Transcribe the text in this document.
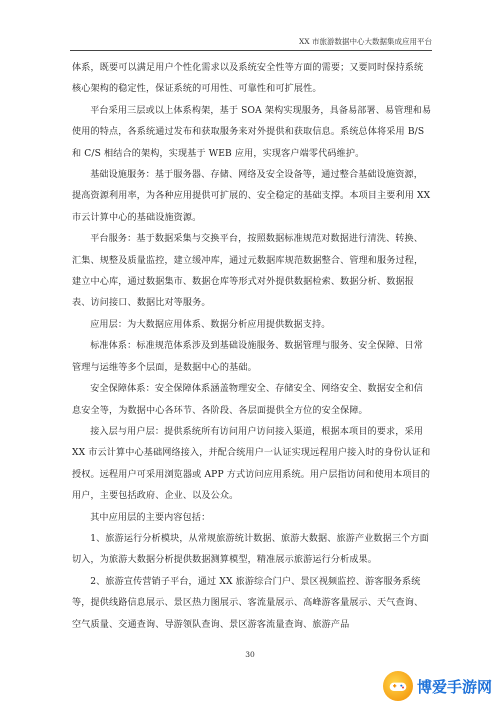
XX 市旅游数据中心大数据集成应用平台

体系，既要可以满足用户个性化需求以及系统安全性等方面的需要；又要同时保持系统核心架构的稳定性，保证系统的可用性、可靠性和可扩展性。

平台采用三层或以上体系构架，基于 SOA 架构实现服务，具备易部署、易管理和易使用的特点，各系统通过发布和获取服务来对外提供和获取信息。系统总体将采用 B/S 和 C/S 相结合的架构，实现基于 WEB 应用，实现客户端零代码维护。

基础设施服务：基于服务器、存储、网络及安全设备等，通过整合基础设施资源，提高资源利用率，为各种应用提供可扩展的、安全稳定的基础支撑。本项目主要利用 XX 市云计算中心的基础设施资源。

平台服务：基于数据采集与交换平台，按照数据标准规范对数据进行清洗、转换、汇集、规整及质量监控，建立缓冲库，通过元数据库规范数据整合、管理和服务过程，建立中心库，通过数据集市、数据仓库等形式对外提供数据检索、数据分析、数据报表、访问接口、数据比对等服务。

应用层：为大数据应用体系、数据分析应用提供数据支持。

标准体系：标准规范体系涉及到基础设施服务、数据管理与服务、安全保障、日常管理与运维等多个层面，是数据中心的基础。

安全保障体系：安全保障体系涵盖物理安全、存储安全、网络安全、数据安全和信息安全等，为数据中心各环节、各阶段、各层面提供全方位的安全保障。

接入层与用户层：提供系统所有访问用户访问接入渠道，根据本项目的要求，采用 XX 市云计算中心基础网络接入，并配合统用户一认证实现远程用户接入时的身份认证和授权。远程用户可采用浏览器或 APP 方式访问应用系统。用户层指访问和使用本项目的用户，主要包括政府、企业、以及公众。

其中应用层的主要内容包括：

1、旅游运行分析模块，从常规旅游统计数据、旅游大数据、旅游产业数据三个方面切入，为旅游大数据分析提供数据测算模型，精准展示旅游运行分析成果。

2、旅游宣传营销子平台，通过 XX 旅游综合门户、景区视频监控、游客服务系统等，提供线路信息展示、景区热力图展示、客流量展示、高峰游客量展示、天气查询、空气质量、交通查询、导游领队查询、景区游客流量查询、旅游产品

30
博爱手游网
